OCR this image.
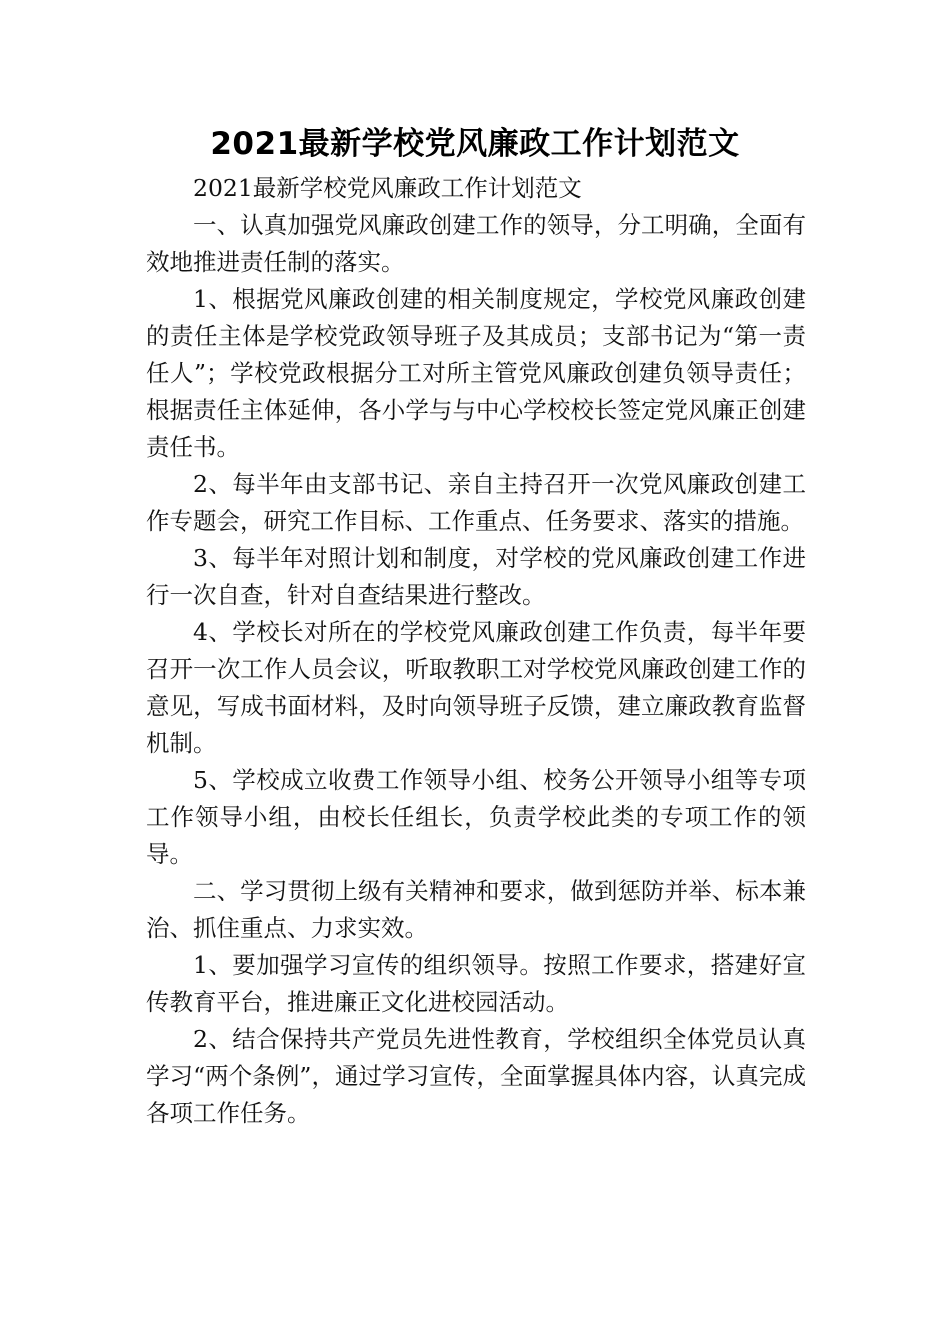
2021最新学校党风廉政工作计划范文

2021最新学校党风廉政工作计划范文

一、认真加强党风廉政创建工作的领导，分工明确，全面有效地推进责任制的落实。

1、根据党风廉政创建的相关制度规定，学校党风廉政创建的责任主体是学校党政领导班子及其成员；支部书记为“第一责任人”；学校党政根据分工对所主管党风廉政创建负领导责任；根据责任主体延伸，各小学与与中心学校校长签定党风廉正创建责任书。

2、每半年由支部书记、亲自主持召开一次党风廉政创建工作专题会，研究工作目标、工作重点、任务要求、落实的措施。

3、每半年对照计划和制度，对学校的党风廉政创建工作进行一次自查，针对自查结果进行整改。

4、学校长对所在的学校党风廉政创建工作负责，每半年要召开一次工作人员会议，听取教职工对学校党风廉政创建工作的意见，写成书面材料，及时向领导班子反馈，建立廉政教育监督机制。

5、学校成立收费工作领导小组、校务公开领导小组等专项工作领导小组，由校长任组长，负责学校此类的专项工作的领导。

二、学习贯彻上级有关精神和要求，做到惩防并举、标本兼治、抓住重点、力求实效。

1、要加强学习宣传的组织领导。按照工作要求，搭建好宣传教育平台，推进廉正文化进校园活动。

2、结合保持共产党员先进性教育，学校组织全体党员认真学习“两个条例”，通过学习宣传，全面掌握具体内容，认真完成各项工作任务。
